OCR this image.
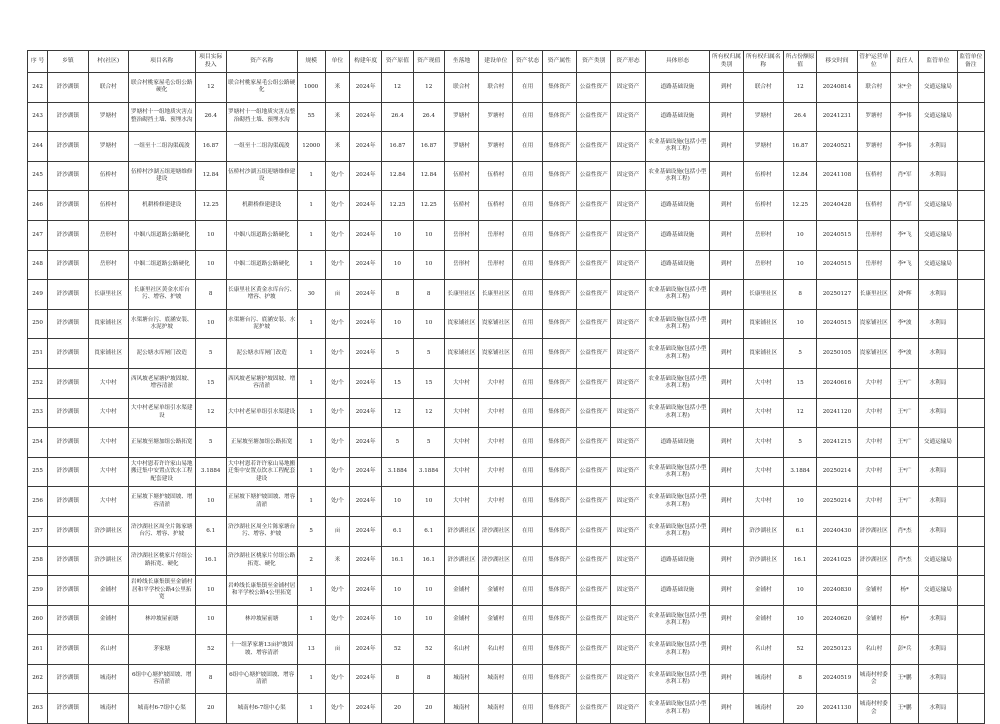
序 号	乡镇	村(社区)	项目名称	项目实际投入	资产名称	规模	单位	构建年度	资产原值	资产现值	坐落地	建设单位	资产状态	资产属性	资产类别	资产形态	具体形态	所有权归属类别	所有权归属名称	所占份额原值	移交时间	管护运营单位	责任人	监管单位	监管单位备注
242	浒沙湖镇	联合村	联合村桃家屋毛公组公路硬化	12	联合村桃家屋毛公组公路硬化	1000	米	2024年	12	12	联合村	联合村	在用	集体资产	公益性资产	固定资产	道路基础设施	到村	联合村	12	20240814	联合村	宋*全	交通运输局	
243	浒沙湖镇	罗塘村	罗塘村十一组地质灾害点整治砌挡土墙、预埋水沟	26.4	罗塘村十一组地质灾害点整治砌挡土墙、预埋水沟	55	米	2024年	26.4	26.4	罗塘村	罗塘村	在用	集体资产	公益性资产	固定资产	道路基础设施	到村	罗塘村	26.4	20241231	罗塘村	李*伟	交通运输局	
244	浒沙湖镇	罗塘村	一组至十二组沟渠疏浚	16.87	一组至十二组沟渠疏浚	12000	米	2024年	16.87	16.87	罗塘村	罗塘村	在用	集体资产	公益性资产	固定资产	农业基础设施(包括小型水利工程)	到村	罗塘村	16.87	20240521	罗塘村	李*伟	水利局	
245	浒沙湖镇	伍桥村	伍桥村沙湖五组迎塘维修建设	12.84	伍桥村沙湖五组迎塘维修建设	1	处/个	2024年	12.84	12.84	伍桥村	伍桥村	在用	集体资产	公益性资产	固定资产	农业基础设施(包括小型水利工程)	到村	伍桥村	12.84	20241108	伍桥村	肖*军	水利局	
246	浒沙湖镇	伍桥村	机耕桥修建建设	12.25	机耕桥修建建设	1	处/个	2024年	12.25	12.25	伍桥村	伍桥村	在用	集体资产	公益性资产	固定资产	道路基础设施	到村	伍桥村	12.25	20240428	伍桥村	肖*军	交通运输局	
247	浒沙湖镇	岳形村	中姻八组道路公路硬化	10	中姻八组道路公路硬化	1	处/个	2024年	10	10	岳形村	岳形村	在用	集体资产	公益性资产	固定资产	道路基础设施	到村	岳形村	10	20240515	岳形村	李*飞	交通运输局	
248	浒沙湖镇	岳形村	中姻二组道路公路硬化	10	中姻二组道路公路硬化	1	处/个	2024年	10	10	岳形村	岳形村	在用	集体资产	公益性资产	固定资产	道路基础设施	到村	岳形村	10	20240515	岳形村	李*飞	交通运输局	
249	浒沙湖镇	长康里社区	长康里社区黄金水库台污、增容、护坡	8	长康里社区黄金水库台污、增容、护坡	30	亩	2024年	8	8	长康里社区	长康里社区	在用	集体资产	公益性资产	固定资产	农业基础设施(包括小型水利工程)	到村	长康里社区	8	20250127	长康里社区	刘*辉	水利局	
250	浒沙湖镇	崀家铺社区	水渠塘台污、底涵安装、水泥护坡	10	水渠塘台污、底涵安装、水泥护坡	1	处/个	2024年	10	10	崀家铺社区	崀家铺社区	在用	集体资产	公益性资产	固定资产	农业基础设施(包括小型水利工程)	到村	崀家铺社区	10	20240515	崀家铺社区	李*波	水利局	
251	浒沙湖镇	崀家铺社区	泥公塘水库闸门改造	5	泥公塘水库闸门改造	1	处/个	2024年	5	5	崀家铺社区	崀家铺社区	在用	集体资产	公益性资产	固定资产	农业基础设施(包括小型水利工程)	到村	崀家铺社区	5	20250105	崀家铺社区	李*波	水利局	
252	浒沙湖镇	大中村	西风坡老屋塘护坡固坡、增容清淤	15	西风坡老屋塘护坡固坡、增容清淤	1	处/个	2024年	15	15	大中村	大中村	在用	集体资产	公益性资产	固定资产	农业基础设施(包括小型水利工程)	到村	大中村	15	20240616	大中村	王*广	水利局	
253	浒沙湖镇	大中村	大中村老屋单组引水渠建设	12	大中村老屋单组引水渠建设	1	处/个	2024年	12	12	大中村	大中村	在用	集体资产	公益性资产	固定资产	农业基础设施(包括小型水利工程)	到村	大中村	12	20241120	大中村	王*广	水利局	
254	浒沙湖镇	大中村	正屋坡至塘加组公路拓宽	5	正屋坡至塘加组公路拓宽	1	处/个	2024年	5	5	大中村	大中村	在用	集体资产	公益性资产	固定资产	道路基础设施	到村	大中村	5	20241215	大中村	王*广	交通运输局	
255	浒沙湖镇	大中村	大中村恩若许许家山易地搬迁集中安置点饮水工程配套建设	3.1884	大中村恩若许许家山易地搬迁集中安置点饮水工程配套建设	1	处/个	2024年	3.1884	3.1884	大中村	大中村	在用	集体资产	公益性资产	固定资产	农业基础设施(包括小型水利工程)	到村	大中村	3.1884	20250214	大中村	王*广	水利局	
256	浒沙湖镇	大中村	正屋坡下塘护坡固坡、增容清淤	10	正屋坡下塘护坡固坡、增容清淤	1	处/个	2024年	10	10	大中村	大中村	在用	集体资产	公益性资产	固定资产	农业基础设施(包括小型水利工程)	到村	大中村	10	20250214	大中村	王*广	水利局	
257	浒沙湖镇	浒沙湖社区	浒沙湖社区周全片陈家塘台污、增容、护坡	6.1	浒沙湖社区周全片陈家塘台污、增容、护坡	5	亩	2024年	6.1	6.1	浒沙湖社区	浒沙湖社区	在用	集体资产	公益性资产	固定资产	农业基础设施(包括小型水利工程)	到村	浒沙湖社区	6.1	20240430	浒沙湖社区	肖*杰	水利局	
258	浒沙湖镇	浒沙湖社区	浒沙湖社区桃家片付组公路拓宽、硬化	16.1	浒沙湖社区桃家片付组公路拓宽、硬化	2	米	2024年	16.1	16.1	浒沙湖社区	浒沙湖社区	在用	集体资产	公益性资产	固定资产	道路基础设施	到村	浒沙湖社区	16.1	20241025	浒沙湖社区	肖*杰	交通运输局	
259	浒沙湖镇	金铺村	岩岭线长康集镇至金铺村居和平学校公路4公里拓宽	10	岩岭线长康集镇至金铺村居和平学校公路4公里拓宽	1	处/个	2024年	10	10	金铺村	金铺村	在用	集体资产	公益性资产	固定资产	道路基础设施	到村	金铺村	10	20240830	金铺村	杨*	交通运输局	
260	浒沙湖镇	金铺村	林冲坡屋前塘	10	林冲坡屋前塘	1	处/个	2024年	10	10	金铺村	金铺村	在用	集体资产	公益性资产	固定资产	农业基础设施(包括小型水利工程)	到村	金铺村	10	20240620	金铺村	杨*	水利局	
261	浒沙湖镇	名山村	茅家塘	52	十一组茅家塘13亩护坡固坡、增容清淤	13	亩	2024年	52	52	名山村	名山村	在用	集体资产	公益性资产	固定资产	农业基础设施(包括小型水利工程)	到村	名山村	52	20250123	名山村	彭*兵	水利局	
262	浒沙湖镇	城南村	6组中心塘护坡固坡、增容清淤	8	6组中心塘护坡固坡、增容清淤	1	处/个	2024年	8	8	城南村	城南村	在用	集体资产	公益性资产	固定资产	农业基础设施(包括小型水利工程)	到村	城南村	8	20240519	城南村村委会	王*鹏	水利局	
263	浒沙湖镇	城南村	城南村6-7组中心渠	20	城南村6-7组中心渠	1	处/个	2024年	20	20	城南村	城南村	在用	集体资产	公益性资产	固定资产	农业基础设施(包括小型水利工程)	到村	城南村	20	20241130	城南村村委会	王*鹏	水利局	
